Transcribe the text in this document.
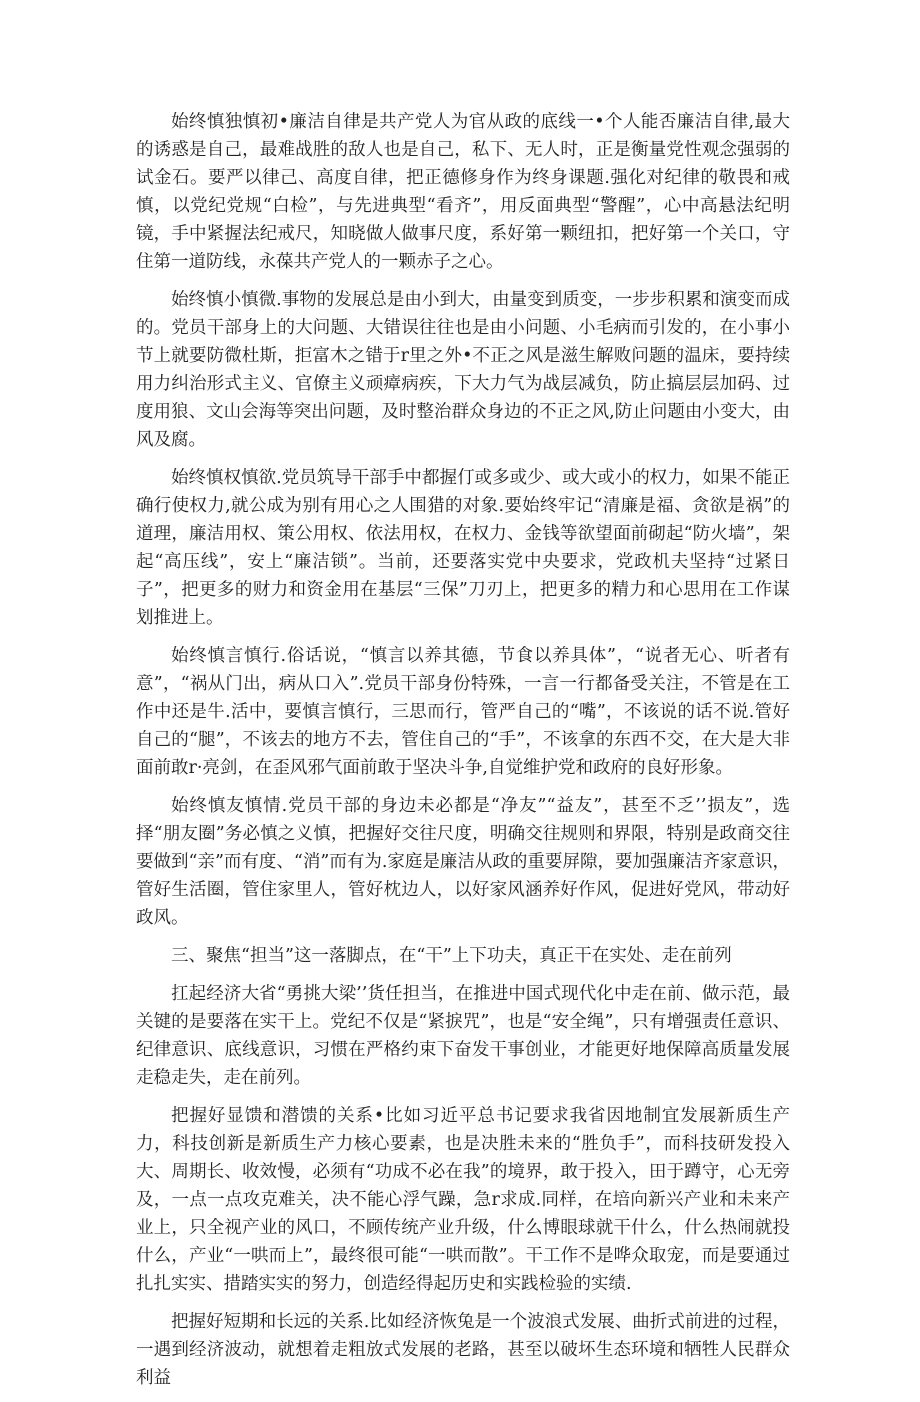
始终慎独慎初•廉洁自律是共产党人为官从政的底线一•个人能否廉洁自律,最大的诱惑是自己，最难战胜的敌人也是自己，私下、无人时，正是衡量党性观念强弱的试金石。要严以律己、高度自律，把正德修身作为终身课题.强化对纪律的敬畏和戒慎，以党纪党规“白检”，与先进典型“看齐”，用反面典型“警醒”，心中高悬法纪明镜，手中紧握法纪戒尺，知晓做人做事尺度，系好第一颗纽扣，把好第一个关口，守住第一道防线，永葆共产党人的一颗赤子之心。

始终慎小慎微.事物的发展总是由小到大，由量变到质变，一步步积累和演变而成的。党员干部身上的大问题、大错误往往也是由小问题、小毛病而引发的，在小事小节上就要防微杜斯，拒富木之错于r里之外•不正之风是滋生解败问题的温床，要持续用力纠治形式主义、官僚主义顽瘴病疾，下大力气为战层减负，防止搞层层加码、过度用狼、文山会海等突出问题，及时整治群众身边的不正之风,防止问题由小变大，由风及腐。

始终慎权慎欲.党员筑导干部手中都握仃或多或少、或大或小的权力，如果不能正确行使权力,就公成为别有用心之人围猎的对象.要始终牢记“清廉是福、贪欲是祸”的道理，廉洁用权、策公用权、依法用权，在权力、金钱等欲望面前砌起“防火墙”，架起“高压线”，安上“廉洁锁”。当前，还要落实党中央要求，党政机夫坚持“过紧日子”，把更多的财力和资金用在基层“三保”刀刃上，把更多的精力和心思用在工作谋划推进上。

始终慎言慎行.俗话说，“慎言以养其德，节食以养具体”，“说者无心、听者有意”，“祸从门出，病从口入”.党员干部身份特殊，一言一行都备受关注，不管是在工作中还是牛.活中，要慎言慎行，三思而行，管严自己的“嘴”，不该说的话不说.管好自己的“腿”，不该去的地方不去，管住自己的“手”，不该拿的东西不交，在大是大非面前敢r·亮剑，在歪风邪气面前敢于坚决斗争,自觉维护党和政府的良好形象。

始终慎友慎情.党员干部的身边未必都是“净友”“益友”，甚至不乏’’损友”，选择“朋友圈”务必慎之义慎，把握好交往尺度，明确交往规则和界限，特别是政商交往要做到“亲”而有度、“消”而有为.家庭是廉洁从政的重要屏隙，要加强廉洁齐家意识，管好生活圈，管住家里人，管好枕边人，以好家风涵养好作风，促进好党风，带动好政风。

三、聚焦“担当”这一落脚点，在“干”上下功夫，真正干在实处、走在前列

扛起经济大省“勇挑大梁’’货任担当，在推进中国式现代化中走在前、做示范，最关键的是要落在实干上。党纪不仅是“紧捩咒”，也是“安全绳”，只有增强责任意识、纪律意识、底线意识，习惯在严格约束下奋发干事创业，才能更好地保障高质量发展走稳走失，走在前列。

把握好显馈和潜馈的关系•比如习近平总书记要求我省因地制宜发展新质生产力，科技创新是新质生产力核心要素，也是决胜未来的“胜负手”，而科技研发投入大、周期长、收效慢，必须有“功成不必在我”的境界，敢于投入，田于蹲守，心无旁及，一点一点攻克难关，决不能心浮气躁，急r求成.同样，在培向新兴产业和未来产业上，只全视产业的风口，不顾传统产业升级，什么博眼球就干什么，什么热闹就投什么，产业“一哄而上”，最终很可能“一哄而散”。干工作不是哗众取宠，而是要通过扎扎实实、措踏实实的努力，创造经得起历史和实践检验的实绩.

把握好短期和长远的关系.比如经济恢兔是一个波浪式发展、曲折式前进的过程，一遇到经济波动，就想着走粗放式发展的老路，甚至以破坏生态环境和牺牲人民群众利益
